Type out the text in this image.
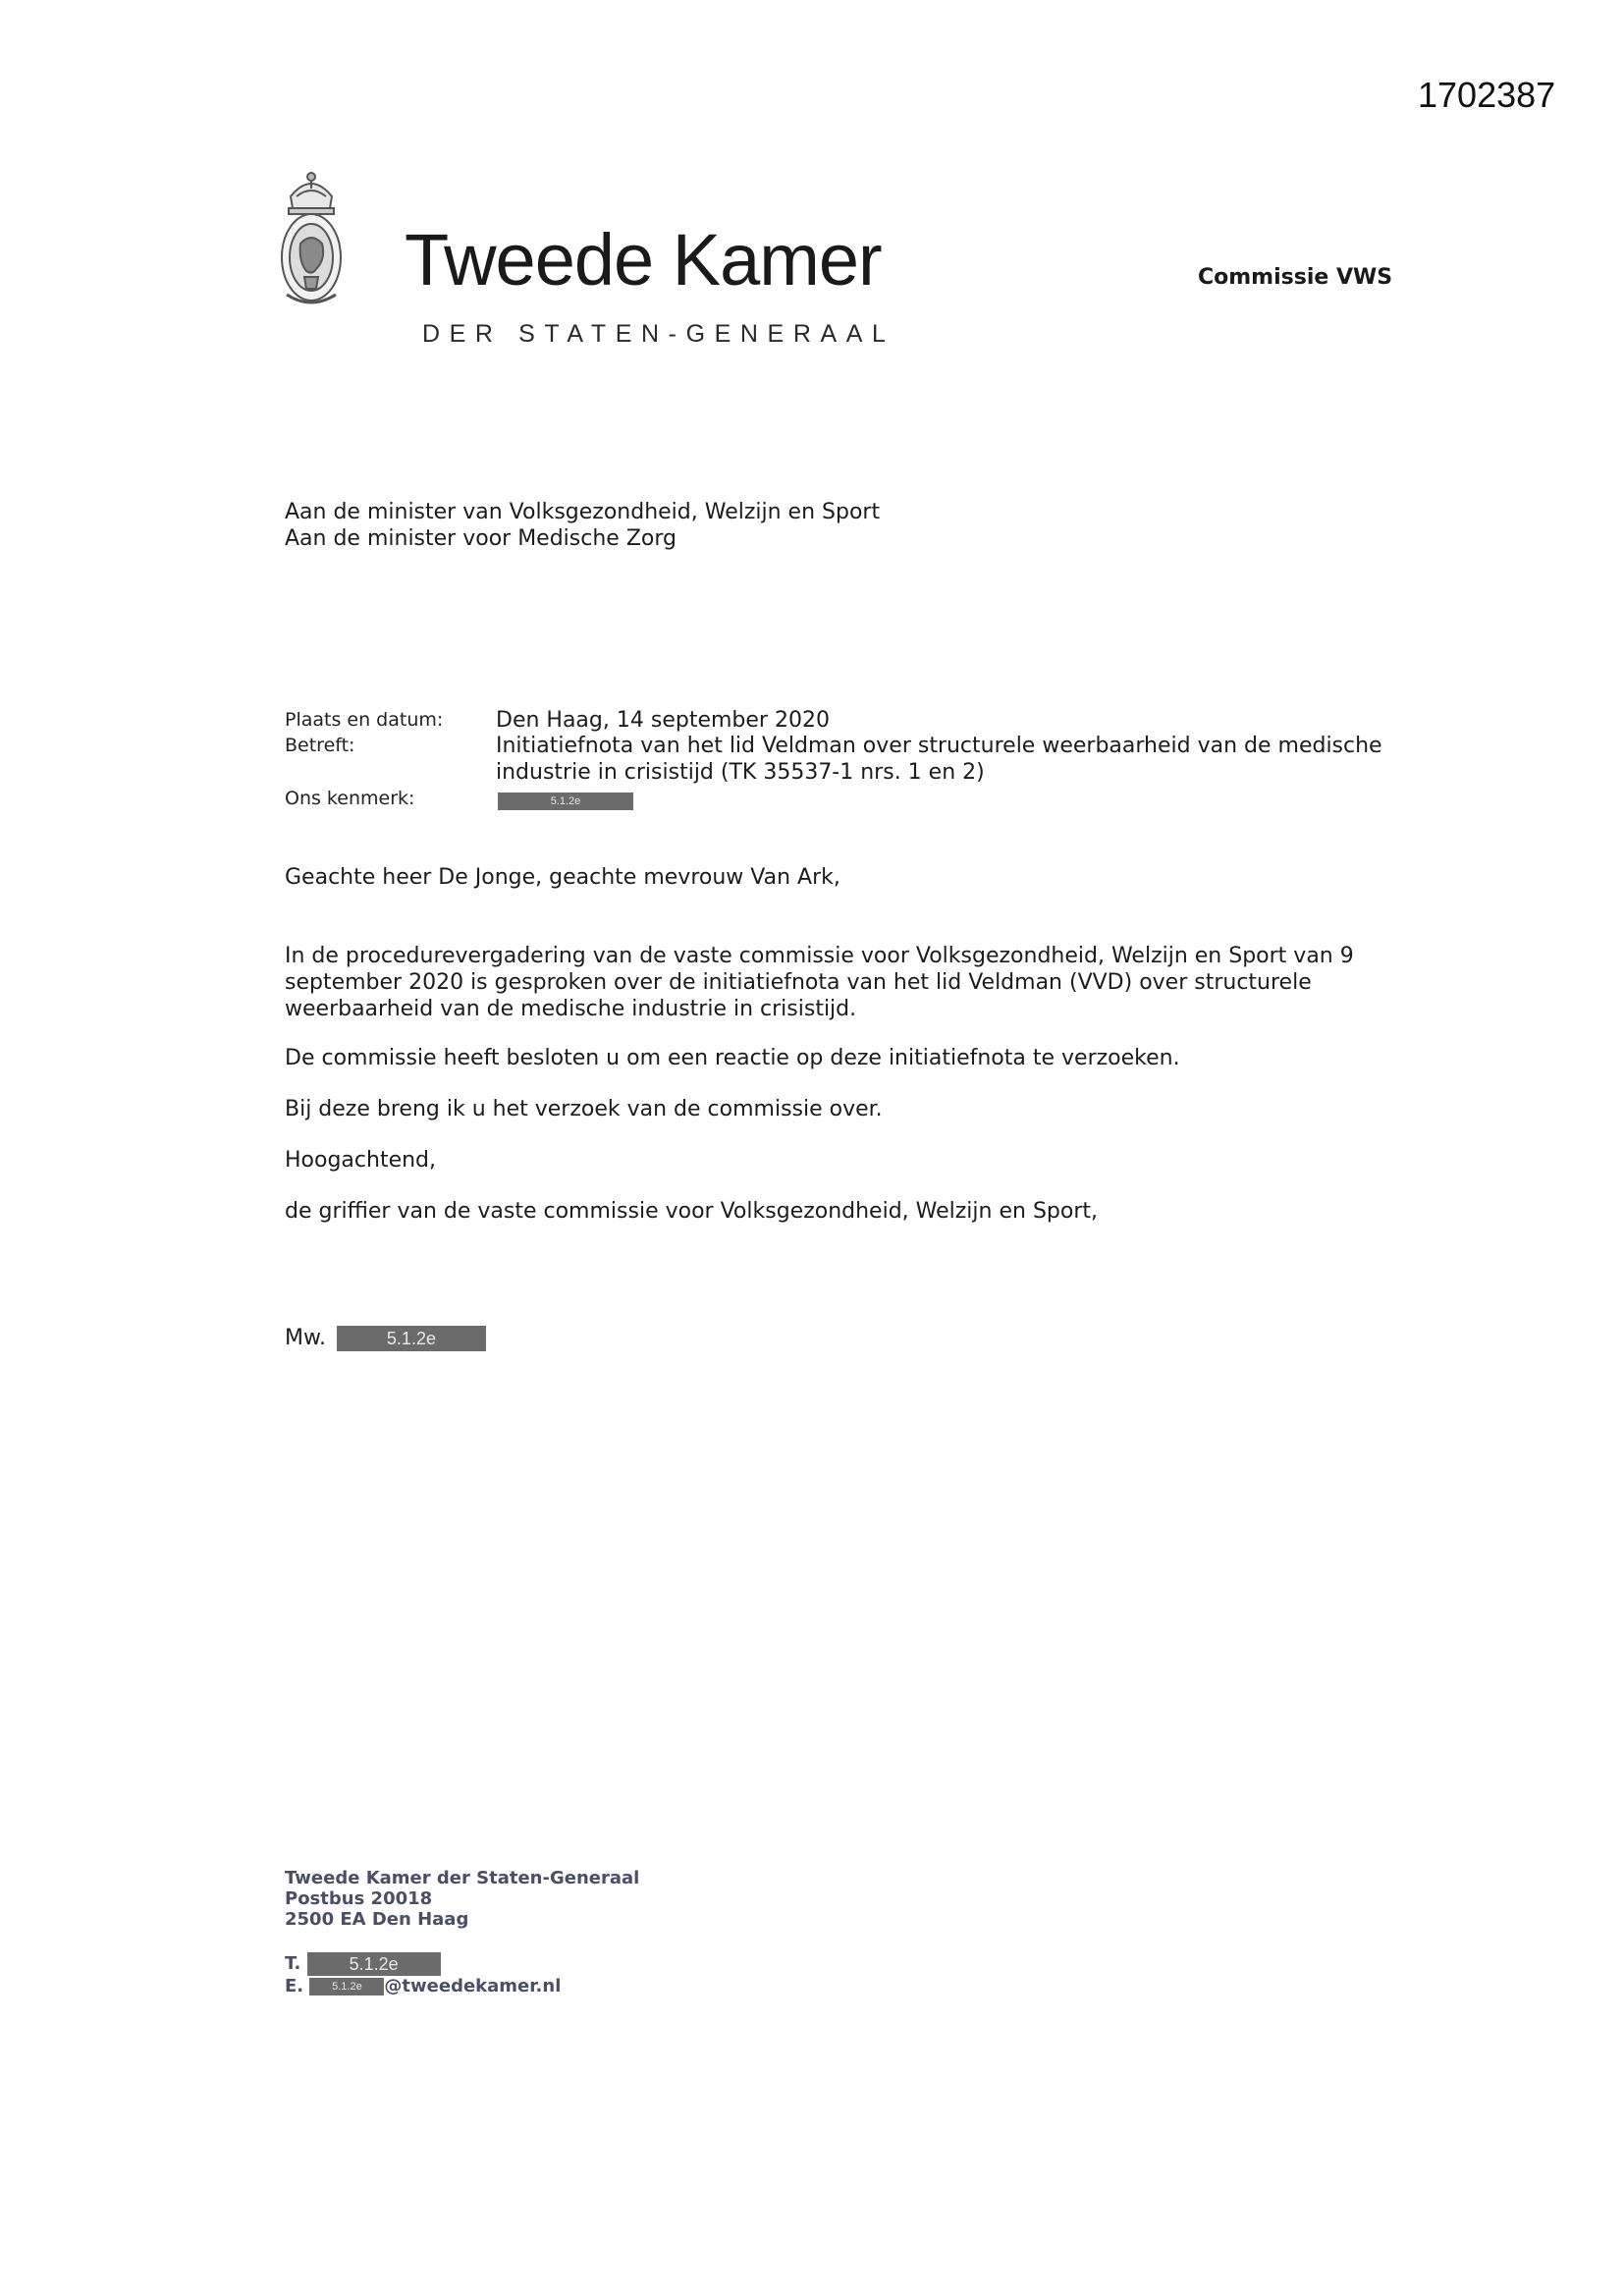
1702387
Tweede Kamer
DER STATEN-GENERAAL
Commissie VWS
Aan de minister van Volksgezondheid, Welzijn en Sport
Aan de minister voor Medische Zorg
Plaats en datum: Den Haag, 14 september 2020
Betreft:	Initiatiefnota van het lid Veldman over structurele weerbaarheid van de medische
industrie in crisistijd (TK 35537-1 nrs. 1 en 2)
Ons kenmerk:	5.1.2e
Geachte heer De Jonge, geachte mevrouw Van Ark,
In de procedurevergadering van de vaste commissie voor Volksgezondheid, Welzijn en Sport van 9
september 2020 is gesproken over de initiatiefnota van het lid Veldman (VVD) over structurele
weerbaarheid van de medische industrie in crisistijd.
De commissie heeft besloten u om een reactie op deze initiatiefnota te verzoeken.
Bij deze breng ik u het verzoek van de commissie over.
Hoogachtend,
de griffier van de vaste commissie voor Volksgezondheid, Welzijn en Sport,
Mw.	5.1.2e
Tweede Kamer der Staten-Generaal
Postbus 20018
2500 EA Den Haag
T.	5.1.2e
E.	5.1.2e @tweedekamer.nl
